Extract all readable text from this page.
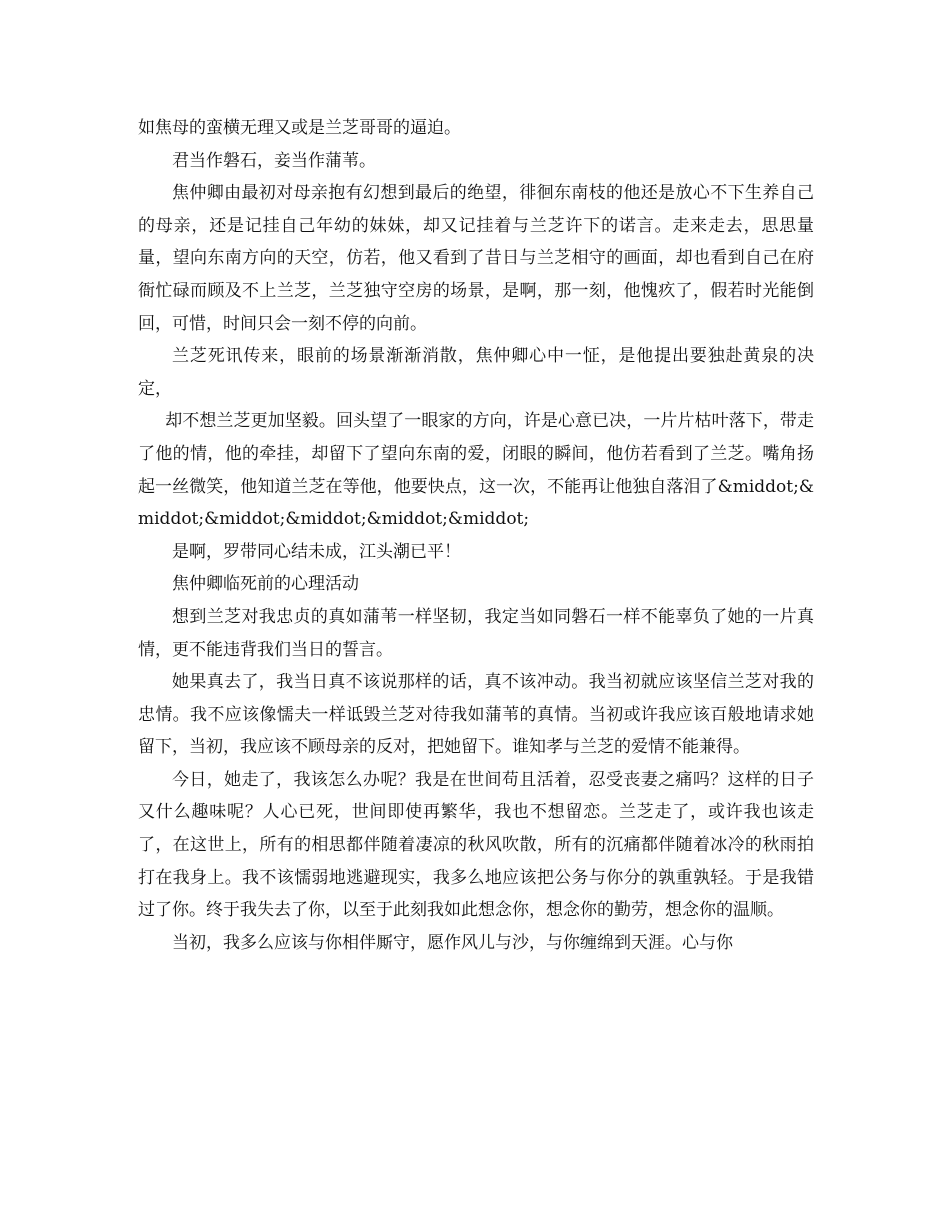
如焦母的蛮横无理又或是兰芝哥哥的逼迫。

君当作磐石，妾当作蒲苇。

焦仲卿由最初对母亲抱有幻想到最后的绝望，徘徊东南枝的他还是放心不下生养自己的母亲，还是记挂自己年幼的妹妹，却又记挂着与兰芝许下的诺言。走来走去，思思量量，望向东南方向的天空，仿若，他又看到了昔日与兰芝相守的画面，却也看到自己在府衙忙碌而顾及不上兰芝，兰芝独守空房的场景，是啊，那一刻，他愧疚了，假若时光能倒回，可惜，时间只会一刻不停的向前。

兰芝死讯传来，眼前的场景渐渐消散，焦仲卿心中一怔，是他提出要独赴黄泉的决定，

却不想兰芝更加坚毅。回头望了一眼家的方向，许是心意已决，一片片枯叶落下，带走了他的情，他的牵挂，却留下了望向东南的爱，闭眼的瞬间，他仿若看到了兰芝。嘴角扬起一丝微笑，他知道兰芝在等他，他要快点，这一次，不能再让他独自落泪了&middot;&middot;&middot;&middot;&middot;&middot;

是啊，罗带同心结未成，江头潮已平！

焦仲卿临死前的心理活动

想到兰芝对我忠贞的真如蒲苇一样坚韧，我定当如同磐石一样不能辜负了她的一片真情，更不能违背我们当日的誓言。

她果真去了，我当日真不该说那样的话，真不该冲动。我当初就应该坚信兰芝对我的忠情。我不应该像懦夫一样诋毁兰芝对待我如蒲苇的真情。当初或许我应该百般地请求她留下，当初，我应该不顾母亲的反对，把她留下。谁知孝与兰芝的爱情不能兼得。

今日，她走了，我该怎么办呢？我是在世间苟且活着，忍受丧妻之痛吗？这样的日子又什么趣味呢？人心已死，世间即使再繁华，我也不想留恋。兰芝走了，或许我也该走了，在这世上，所有的相思都伴随着凄凉的秋风吹散，所有的沉痛都伴随着冰冷的秋雨拍打在我身上。我不该懦弱地逃避现实，我多么地应该把公务与你分的孰重孰轻。于是我错过了你。终于我失去了你，以至于此刻我如此想念你，想念你的勤劳，想念你的温顺。

当初，我多么应该与你相伴厮守，愿作风儿与沙，与你缠绵到天涯。心与你
